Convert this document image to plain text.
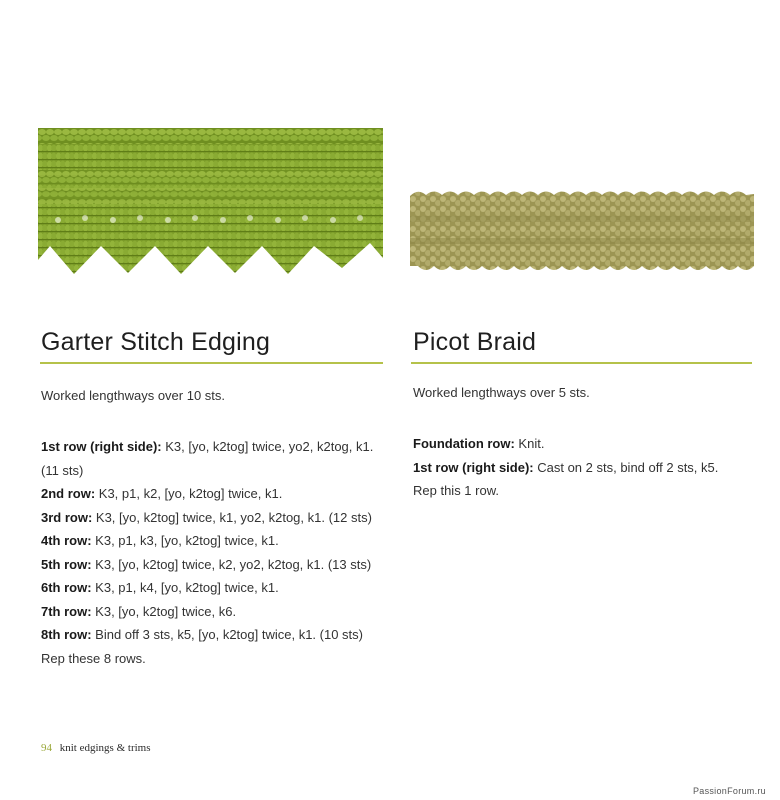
Garter Stitch Edging

Worked lengthways over 10 sts.

1st row (right side): K3, [yo, k2tog] twice, yo2, k2tog, k1.

(11 sts)

2nd row: K3, p1, k2, [yo, k2tog] twice, k1.

3rd row: K3, [yo, k2tog] twice, k1, yo2, k2tog, k1. (12 sts)

4th row: K3, p1, k3, [yo, k2tog] twice, k1.

5th row: K3, [yo, k2tog] twice, k2, yo2, k2tog, k1. (13 sts)

6th row: K3, p1, k4, [yo, k2tog] twice, k1.

7th row: K3, [yo, k2tog] twice, k6.

8th row: Bind off 3 sts, k5, [yo, k2tog] twice, k1. (10 sts)

Rep these 8 rows.

Picot Braid

Worked lengthways over 5 sts.

Foundation row: Knit.

1st row (right side): Cast on 2 sts, bind off 2 sts, k5.

Rep this 1 row.

94 knit edgings & trims
PassionForum.ru
